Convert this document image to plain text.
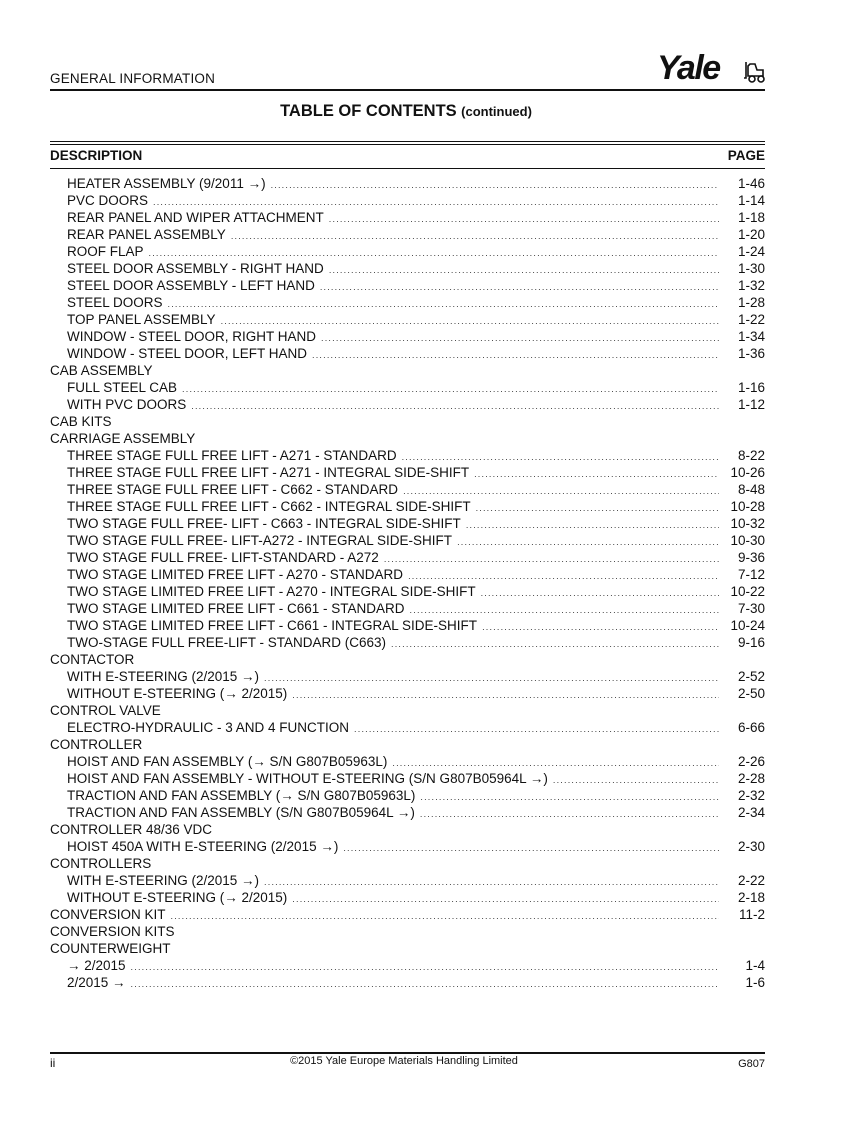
GENERAL INFORMATION	Yale
TABLE OF CONTENTS (continued)
DESCRIPTION	PAGE
HEATER ASSEMBLY (9/2011 →) .....	1-46
PVC DOORS .....	1-14
REAR PANEL AND WIPER ATTACHMENT .....	1-18
REAR PANEL ASSEMBLY .....	1-20
ROOF FLAP .....	1-24
STEEL DOOR ASSEMBLY - RIGHT HAND .....	1-30
STEEL DOOR ASSEMBLY - LEFT HAND .....	1-32
STEEL DOORS .....	1-28
TOP PANEL ASSEMBLY .....	1-22
WINDOW - STEEL DOOR, RIGHT HAND .....	1-34
WINDOW - STEEL DOOR, LEFT HAND .....	1-36
CAB ASSEMBLY
FULL STEEL CAB .....	1-16
WITH PVC DOORS .....	1-12
CAB KITS
CARRIAGE ASSEMBLY
THREE STAGE FULL FREE LIFT - A271 - STANDARD .....	8-22
THREE STAGE FULL FREE LIFT - A271 - INTEGRAL SIDE-SHIFT .....	10-26
THREE STAGE FULL FREE LIFT - C662 - STANDARD .....	8-48
THREE STAGE FULL FREE LIFT - C662 - INTEGRAL SIDE-SHIFT .....	10-28
TWO STAGE FULL FREE- LIFT - C663 - INTEGRAL SIDE-SHIFT .....	10-32
TWO STAGE FULL FREE- LIFT-A272 - INTEGRAL SIDE-SHIFT .....	10-30
TWO STAGE FULL FREE- LIFT-STANDARD - A272 .....	9-36
TWO STAGE LIMITED FREE LIFT - A270 - STANDARD .....	7-12
TWO STAGE LIMITED FREE LIFT - A270 - INTEGRAL SIDE-SHIFT .....	10-22
TWO STAGE LIMITED FREE LIFT - C661 - STANDARD .....	7-30
TWO STAGE LIMITED FREE LIFT - C661 - INTEGRAL SIDE-SHIFT .....	10-24
TWO-STAGE FULL FREE-LIFT - STANDARD (C663) .....	9-16
CONTACTOR
WITH E-STEERING (2/2015 →) .....	2-52
WITHOUT E-STEERING (→ 2/2015) .....	2-50
CONTROL VALVE
ELECTRO-HYDRAULIC - 3 AND 4 FUNCTION .....	6-66
CONTROLLER
HOIST AND FAN ASSEMBLY (→ S/N G807B05963L) .....	2-26
HOIST AND FAN ASSEMBLY - WITHOUT E-STEERING (S/N G807B05964L →) .....	2-28
TRACTION AND FAN ASSEMBLY (→ S/N G807B05963L) .....	2-32
TRACTION AND FAN ASSEMBLY (S/N G807B05964L →) .....	2-34
CONTROLLER 48/36 VDC
HOIST 450A WITH E-STEERING (2/2015 →) .....	2-30
CONTROLLERS
WITH E-STEERING (2/2015 →) .....	2-22
WITHOUT E-STEERING (→ 2/2015) .....	2-18
CONVERSION KIT .....	11-2
CONVERSION KITS
COUNTERWEIGHT
→ 2/2015 .....	1-4
2/2015 → .....	1-6
ii	©2015 Yale Europe Materials Handling Limited	G807
